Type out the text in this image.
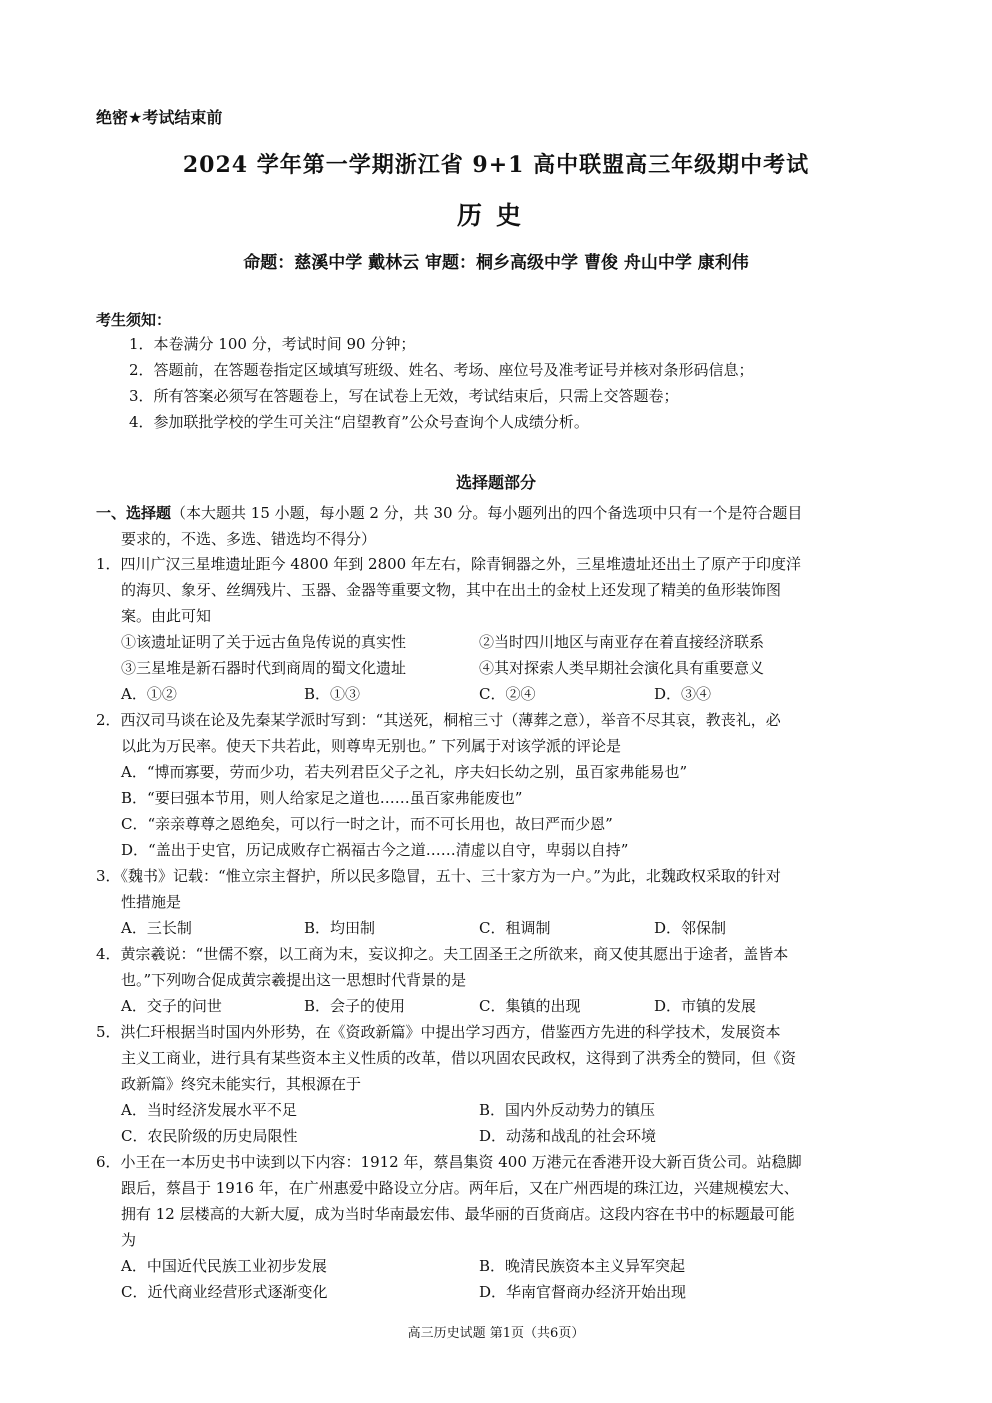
绝密★考试结束前
2024 学年第一学期浙江省 9+1 高中联盟高三年级期中考试
历史
命题：慈溪中学 戴林云 审题：桐乡高级中学 曹俊 舟山中学 康利伟
考生须知：
1．本卷满分 100 分，考试时间 90 分钟；
2．答题前，在答题卷指定区域填写班级、姓名、考场、座位号及准考证号并核对条形码信息；
3．所有答案必须写在答题卷上，写在试卷上无效，考试结束后，只需上交答题卷；
4．参加联批学校的学生可关注“启望教育”公众号查询个人成绩分析。
选择题部分
一、选择题（本大题共 15 小题，每小题 2 分，共 30 分。每小题列出的四个备选项中只有一个是符合题目
要求的，不选、多选、错选均不得分）
1．四川广汉三星堆遗址距今 4800 年到 2800 年左右，除青铜器之外，三星堆遗址还出土了原产于印度洋
的海贝、象牙、丝绸残片、玉器、金器等重要文物，其中在出土的金杖上还发现了精美的鱼形装饰图
案。由此可知
①该遗址证明了关于远古鱼凫传说的真实性	②当时四川地区与南亚存在着直接经济联系
③三星堆是新石器时代到商周的蜀文化遗址	④其对探索人类早期社会演化具有重要意义
A．①②	B．①③	C．②④	D．③④
2．西汉司马谈在论及先秦某学派时写到：“其送死，桐棺三寸（薄葬之意），举音不尽其哀，教丧礼，必
以此为万民率。使天下共若此，则尊卑无别也。” 下列属于对该学派的评论是
A．“博而寡要，劳而少功，若夫列君臣父子之礼，序夫妇长幼之别，虽百家弗能易也”
B．“要曰强本节用，则人给家足之道也……虽百家弗能废也”
C．“亲亲尊尊之恩绝矣，可以行一时之计，而不可长用也，故曰严而少恩”
D．“盖出于史官，历记成败存亡祸福古今之道……清虚以自守，卑弱以自持”
3．《魏书》记载：“惟立宗主督护，所以民多隐冒，五十、三十家方为一户。”为此，北魏政权采取的针对
性措施是
A．三长制	B．均田制	C．租调制	D．邻保制
4．黄宗羲说：“世儒不察，以工商为末，妄议抑之。夫工固圣王之所欲来，商又使其愿出于途者，盖皆本
也。”下列吻合促成黄宗羲提出这一思想时代背景的是
A．交子的问世	B．会子的使用	C．集镇的出现	D．市镇的发展
5．洪仁玕根据当时国内外形势，在《资政新篇》中提出学习西方，借鉴西方先进的科学技术，发展资本
主义工商业，进行具有某些资本主义性质的改革，借以巩固农民政权，这得到了洪秀全的赞同，但《资
政新篇》终究未能实行，其根源在于
A．当时经济发展水平不足	B．国内外反动势力的镇压
C．农民阶级的历史局限性	D．动荡和战乱的社会环境
6．小王在一本历史书中读到以下内容：1912 年，蔡昌集资 400 万港元在香港开设大新百货公司。站稳脚
跟后，蔡昌于 1916 年，在广州惠爱中路设立分店。两年后，又在广州西堤的珠江边，兴建规模宏大、
拥有 12 层楼高的大新大厦，成为当时华南最宏伟、最华丽的百货商店。这段内容在书中的标题最可能
为
A．中国近代民族工业初步发展	B．晚清民族资本主义异军突起
C．近代商业经营形式逐渐变化	D．华南官督商办经济开始出现
高三历史试题 第1页（共6页）
